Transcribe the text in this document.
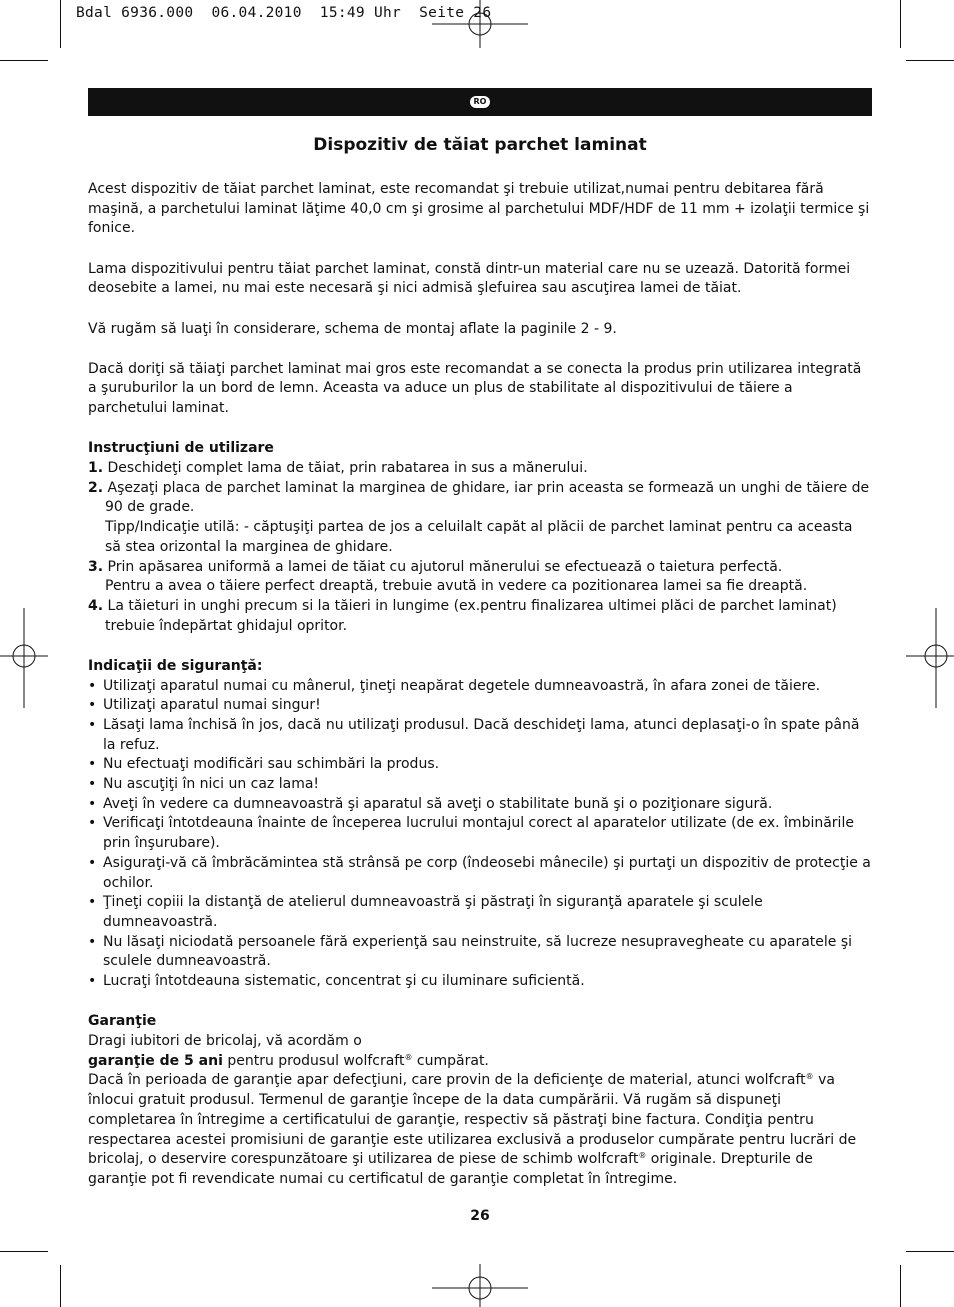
Bdal 6936.000  06.04.2010  15:49 Uhr  Seite 26
RO
Dispozitiv de tăiat parchet laminat

Acest dispozitiv de tăiat parchet laminat, este recomandat şi trebuie utilizat,numai pentru debitarea fără maşină, a parchetului laminat lăţime 40,0 cm şi grosime al parchetului MDF/HDF de 11 mm + izolaţii termice şi fonice.

Lama dispozitivului pentru tăiat parchet laminat, constă dintr-un material care nu se uzează. Datorită formei deosebite a lamei, nu mai este necesară şi nici admisă şlefuirea sau ascuţirea lamei de tăiat.

Vă rugăm să luaţi în considerare, schema de montaj aflate la paginile 2 - 9.

Dacă doriţi să tăiaţi parchet laminat mai gros este recomandat a se conecta la produs prin utilizarea integrată a şuruburilor la un bord de lemn. Aceasta va aduce un plus de stabilitate al dispozitivului de tăiere a parchetului laminat.

Instrucţiuni de utilizare
1. Deschideţi complet lama de tăiat, prin rabatarea in sus a mănerului.
2. Aşezaţi placa de parchet laminat la marginea de ghidare, iar prin aceasta se formează un unghi de tăiere de 90 de grade.
Tipp/Indicaţie utilă: - căptuşiţi partea de jos a celuilalt capăt al plăcii de parchet laminat pentru ca aceasta să stea orizontal la marginea de ghidare.
3. Prin apăsarea uniformă a lamei de tăiat cu ajutorul mănerului se efectuează o taietura perfectă.
Pentru a avea o tăiere perfect dreaptă, trebuie avută in vedere ca pozitionarea lamei sa fie dreaptă.
4. La tăieturi in unghi precum si la tăieri in lungime (ex.pentru finalizarea ultimei plăci de parchet laminat) trebuie îndepărtat ghidajul opritor.
Indicaţii de siguranţă:
• Utilizaţi aparatul numai cu mânerul, ţineţi neapărat degetele dumneavoastră, în afara zonei de tăiere.
• Utilizaţi aparatul numai singur!
• Lăsaţi lama închisă în jos, dacă nu utilizaţi produsul. Dacă deschideţi lama, atunci deplasaţi-o în spate până la refuz.
• Nu efectuaţi modificări sau schimbări la produs.
• Nu ascuţiţi în nici un caz lama!
• Aveţi în vedere ca dumneavoastră şi aparatul să aveţi o stabilitate bună şi o poziţionare sigură.
• Verificaţi întotdeauna înainte de începerea lucrului montajul corect al aparatelor utilizate (de ex. îmbinările prin înşurubare).
• Asiguraţi-vă că îmbrăcămintea stă strânsă pe corp (îndeosebi mânecile) şi purtaţi un dispozitiv de protecţie a ochilor.
• Ţineţi copiii la distanţă de atelierul dumneavoastră şi păstraţi în siguranţă aparatele şi sculele dumneavoastră.
• Nu lăsaţi niciodată persoanele fără experienţă sau neinstruite, să lucreze nesupravegheate cu aparatele şi sculele dumneavoastră.
• Lucraţi întotdeauna sistematic, concentrat şi cu iluminare suficientă.
Garanţie
Dragi iubitori de bricolaj, vă acordăm o
garanţie de 5 ani pentru produsul wolfcraft® cumpărat.
Dacă în perioada de garanţie apar defecţiuni, care provin de la deficienţe de material, atunci wolfcraft® va înlocui gratuit produsul. Termenul de garanţie începe de la data cumpărării. Vă rugăm să dispuneţi completarea în întregime a certificatului de garanţie, respectiv să păstraţi bine factura. Condiţia pentru respectarea acestei promisiuni de garanţie este utilizarea exclusivă a produselor cumpărate pentru lucrări de bricolaj, o deservire corespunzătoare şi utilizarea de piese de schimb wolfcraft® originale. Drepturile de garanţie pot fi revendicate numai cu certificatul de garanţie completat în întregime.
26
